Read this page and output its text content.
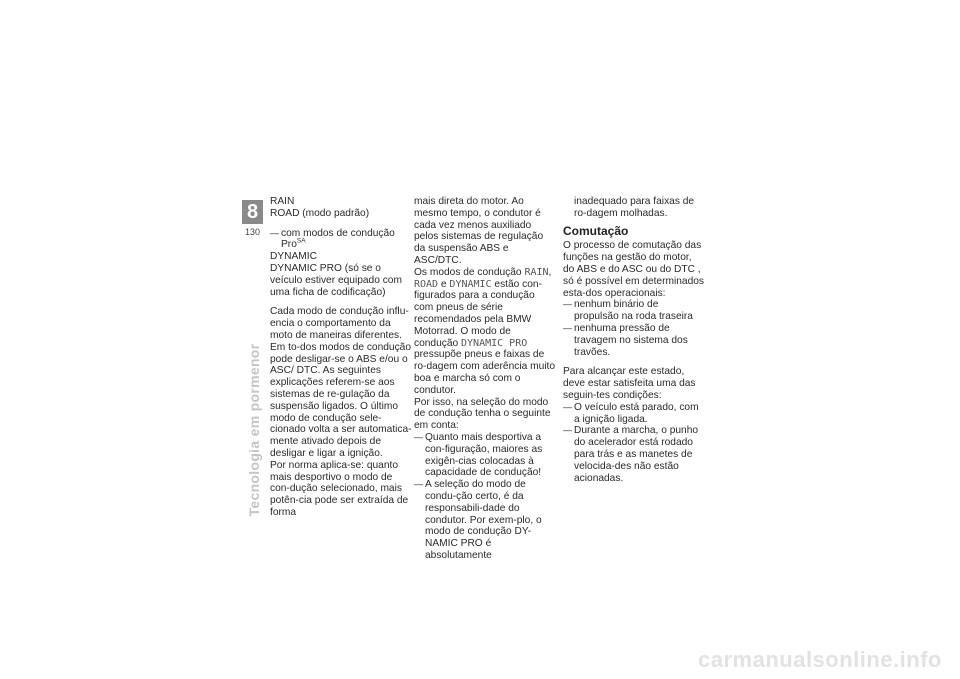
8
130
Tecnologia em pormenor

RAIN

ROAD (modo padrão)

— com modos de condução

Pro$^{SA}$

DYNAMIC

DYNAMIC PRO (só se o veículo estiver equipado com uma ficha de codificação)

Cada modo de condução influ-encia o comportamento da moto de maneiras diferentes. Em to-dos modos de condução pode desligar-se o ABS e/ou o ASC/ DTC. As seguintes explicações referem-se aos sistemas de re-gulação da suspensão ligados. O último modo de condução sele-cionado volta a ser automatica-mente ativado depois de desligar e ligar a ignição.

Por norma aplica-se: quanto mais desportivo o modo de con-dução selecionado, mais potên-cia pode ser extraída de forma

mais direta do motor. Ao mesmo tempo, o condutor é cada vez menos auxiliado pelos sistemas de regulação da suspensão ABS e ASC/DTC.

Os modos de condução RAIN, ROAD e DYNAMIC estão con-figurados para a condução com pneus de série recomendados pela BMW Motorrad. O modo de condução DYNAMIC PRO pressupõe pneus e faixas de ro-dagem com aderência muito boa e marcha só com o condutor.

Por isso, na seleção do modo de condução tenha o seguinte em conta:

— Quanto mais desportiva a con-figuração, maiores as exigên-cias colocadas à capacidade de condução!

— A seleção do modo de condu-ção certo, é da responsabili-dade do condutor. Por exem-plo, o modo de condução DY-NAMIC PRO é absolutamente

inadequado para faixas de ro-dagem molhadas.

Comutação

O processo de comutação das funções na gestão do motor, do ABS e do ASC ou do DTC , só é possível em determinados esta-dos operacionais:

— nenhum binário de propulsão na roda traseira

— nenhuma pressão de travagem no sistema dos travões.

Para alcançar este estado, deve estar satisfeita uma das seguin-tes condições:

— O veículo está parado, com a ignição ligada.

— Durante a marcha, o punho do acelerador está rodado para trás e as manetes de velocida-des não estão acionadas.

carmanualsonline.info
